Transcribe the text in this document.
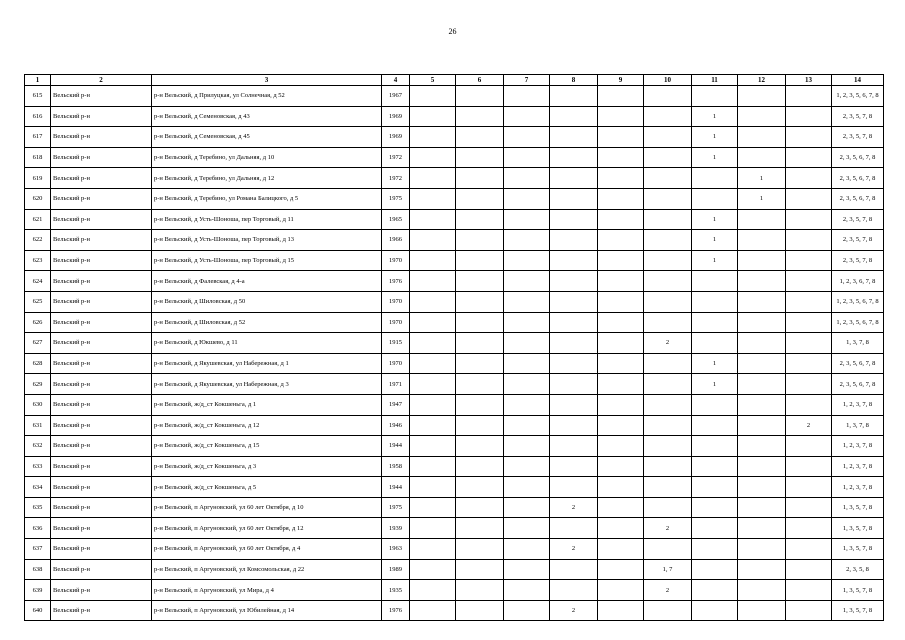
26
1	2	3	4	5	6	7	8	9	10	11	12	13	14
615	Вельский р-н	р-н Вельский, д Прилуцкая, ул Солнечная, д 52	1967										1, 2, 3, 5, 6, 7, 8
616	Вельский р-н	р-н Вельский, д Семеновская, д 43	1969							1			2, 3, 5, 7, 8
617	Вельский р-н	р-н Вельский, д Семеновская, д 45	1969							1			2, 3, 5, 7, 8
618	Вельский р-н	р-н Вельский, д Теребино, ул Дальняя, д 10	1972							1			2, 3, 5, 6, 7, 8
619	Вельский р-н	р-н Вельский, д Теребино, ул Дальняя, д 12	1972								1		2, 3, 5, 6, 7, 8
620	Вельский р-н	р-н Вельский, д Теребино, ул Романа Балицкого, д 5	1975								1		2, 3, 5, 6, 7, 8
621	Вельский р-н	р-н Вельский, д Усть-Шоноша, пер Торговый, д 11	1965							1			2, 3, 5, 7, 8
622	Вельский р-н	р-н Вельский, д Усть-Шоноша, пер Торговый, д 13	1966							1			2, 3, 5, 7, 8
623	Вельский р-н	р-н Вельский, д Усть-Шоноша, пер Торговый, д 15	1970							1			2, 3, 5, 7, 8
624	Вельский р-н	р-н Вельский, д Фалевская, д 4-а	1976										1, 2, 3, 6, 7, 8
625	Вельский р-н	р-н Вельский, д Шиловская, д 50	1970										1, 2, 3, 5, 6, 7, 8
626	Вельский р-н	р-н Вельский, д Шиловская, д 52	1970										1, 2, 3, 5, 6, 7, 8
627	Вельский р-н	р-н Вельский, д Юкшево, д 11	1915						2				1, 3, 7, 8
628	Вельский р-н	р-н Вельский, д Якушевская, ул Набережная, д 1	1970							1			2, 3, 5, 6, 7, 8
629	Вельский р-н	р-н Вельский, д Якушевская, ул Набережная, д 3	1971							1			2, 3, 5, 6, 7, 8
630	Вельский р-н	р-н Вельский, ж/д_ст Кокшеньга, д 1	1947										1, 2, 3, 7, 8
631	Вельский р-н	р-н Вельский, ж/д_ст Кокшеньга, д 12	1946									2	1, 3, 7, 8
632	Вельский р-н	р-н Вельский, ж/д_ст Кокшеньга, д 15	1944										1, 2, 3, 7, 8
633	Вельский р-н	р-н Вельский, ж/д_ст Кокшеньга, д 3	1958										1, 2, 3, 7, 8
634	Вельский р-н	р-н Вельский, ж/д_ст Кокшеньга, д 5	1944										1, 2, 3, 7, 8
635	Вельский р-н	р-н Вельский, п Аргуновский, ул 60 лет Октября, д 10	1975				2						1, 3, 5, 7, 8
636	Вельский р-н	р-н Вельский, п Аргуновский, ул 60 лет Октября, д 12	1939						2				1, 3, 5, 7, 8
637	Вельский р-н	р-н Вельский, п Аргуновский, ул 60 лет Октября, д 4	1963				2						1, 3, 5, 7, 8
638	Вельский р-н	р-н Вельский, п Аргуновский, ул Комсомольская, д 22	1989						1, 7				2, 3, 5, 8
639	Вельский р-н	р-н Вельский, п Аргуновский, ул Мира, д 4	1935						2				1, 3, 5, 7, 8
640	Вельский р-н	р-н Вельский, п Аргуновский, ул Юбилейная, д 14	1976				2						1, 3, 5, 7, 8
